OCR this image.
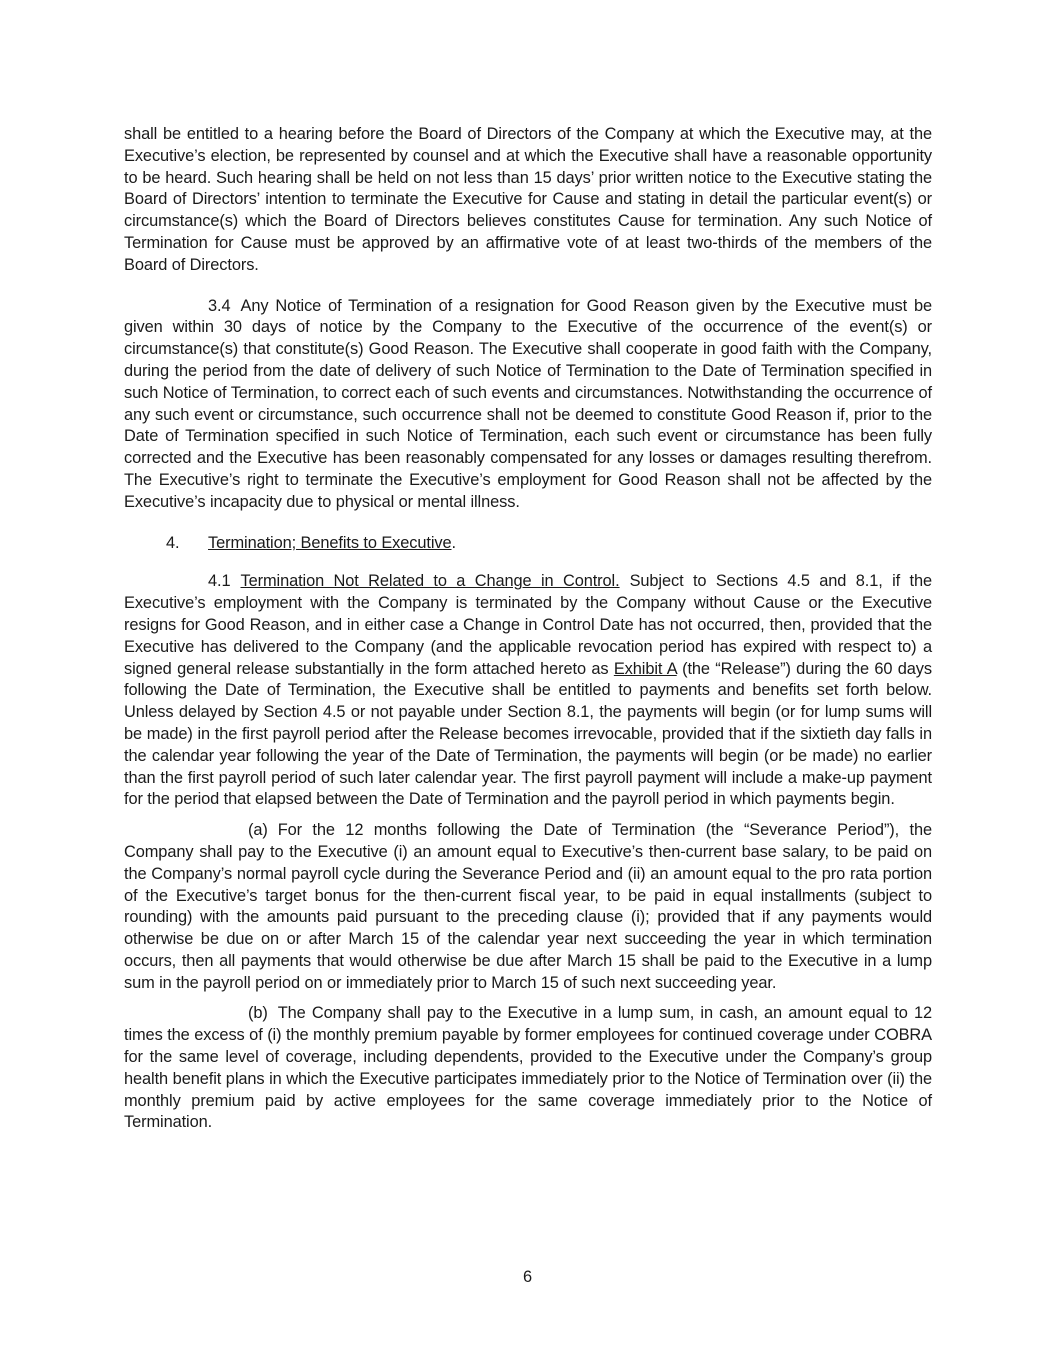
shall be entitled to a hearing before the Board of Directors of the Company at which the Executive may, at the Executive’s election, be represented by counsel and at which the Executive shall have a reasonable opportunity to be heard. Such hearing shall be held on not less than 15 days’ prior written notice to the Executive stating the Board of Directors’ intention to terminate the Executive for Cause and stating in detail the particular event(s) or circumstance(s) which the Board of Directors believes constitutes Cause for termination. Any such Notice of Termination for Cause must be approved by an affirmative vote of at least two-thirds of the members of the Board of Directors.

3.4 Any Notice of Termination of a resignation for Good Reason given by the Executive must be given within 30 days of notice by the Company to the Executive of the occurrence of the event(s) or circumstance(s) that constitute(s) Good Reason. The Executive shall cooperate in good faith with the Company, during the period from the date of delivery of such Notice of Termination to the Date of Termination specified in such Notice of Termination, to correct each of such events and circumstances. Notwithstanding the occurrence of any such event or circumstance, such occurrence shall not be deemed to constitute Good Reason if, prior to the Date of Termination specified in such Notice of Termination, each such event or circumstance has been fully corrected and the Executive has been reasonably compensated for any losses or damages resulting therefrom. The Executive’s right to terminate the Executive’s employment for Good Reason shall not be affected by the Executive’s incapacity due to physical or mental illness.

4. Termination; Benefits to Executive.

4.1 Termination Not Related to a Change in Control. Subject to Sections 4.5 and 8.1, if the Executive’s employment with the Company is terminated by the Company without Cause or the Executive resigns for Good Reason, and in either case a Change in Control Date has not occurred, then, provided that the Executive has delivered to the Company (and the applicable revocation period has expired with respect to) a signed general release substantially in the form attached hereto as Exhibit A (the “Release”) during the 60 days following the Date of Termination, the Executive shall be entitled to payments and benefits set forth below. Unless delayed by Section 4.5 or not payable under Section 8.1, the payments will begin (or for lump sums will be made) in the first payroll period after the Release becomes irrevocable, provided that if the sixtieth day falls in the calendar year following the year of the Date of Termination, the payments will begin (or be made) no earlier than the first payroll period of such later calendar year. The first payroll payment will include a make-up payment for the period that elapsed between the Date of Termination and the payroll period in which payments begin.

(a) For the 12 months following the Date of Termination (the “Severance Period”), the Company shall pay to the Executive (i) an amount equal to Executive’s then-current base salary, to be paid on the Company’s normal payroll cycle during the Severance Period and (ii) an amount equal to the pro rata portion of the Executive’s target bonus for the then-current fiscal year, to be paid in equal installments (subject to rounding) with the amounts paid pursuant to the preceding clause (i); provided that if any payments would otherwise be due on or after March 15 of the calendar year next succeeding the year in which termination occurs, then all payments that would otherwise be due after March 15 shall be paid to the Executive in a lump sum in the payroll period on or immediately prior to March 15 of such next succeeding year.

(b) The Company shall pay to the Executive in a lump sum, in cash, an amount equal to 12 times the excess of (i) the monthly premium payable by former employees for continued coverage under COBRA for the same level of coverage, including dependents, provided to the Executive under the Company’s group health benefit plans in which the Executive participates immediately prior to the Notice of Termination over (ii) the monthly premium paid by active employees for the same coverage immediately prior to the Notice of Termination.

6
